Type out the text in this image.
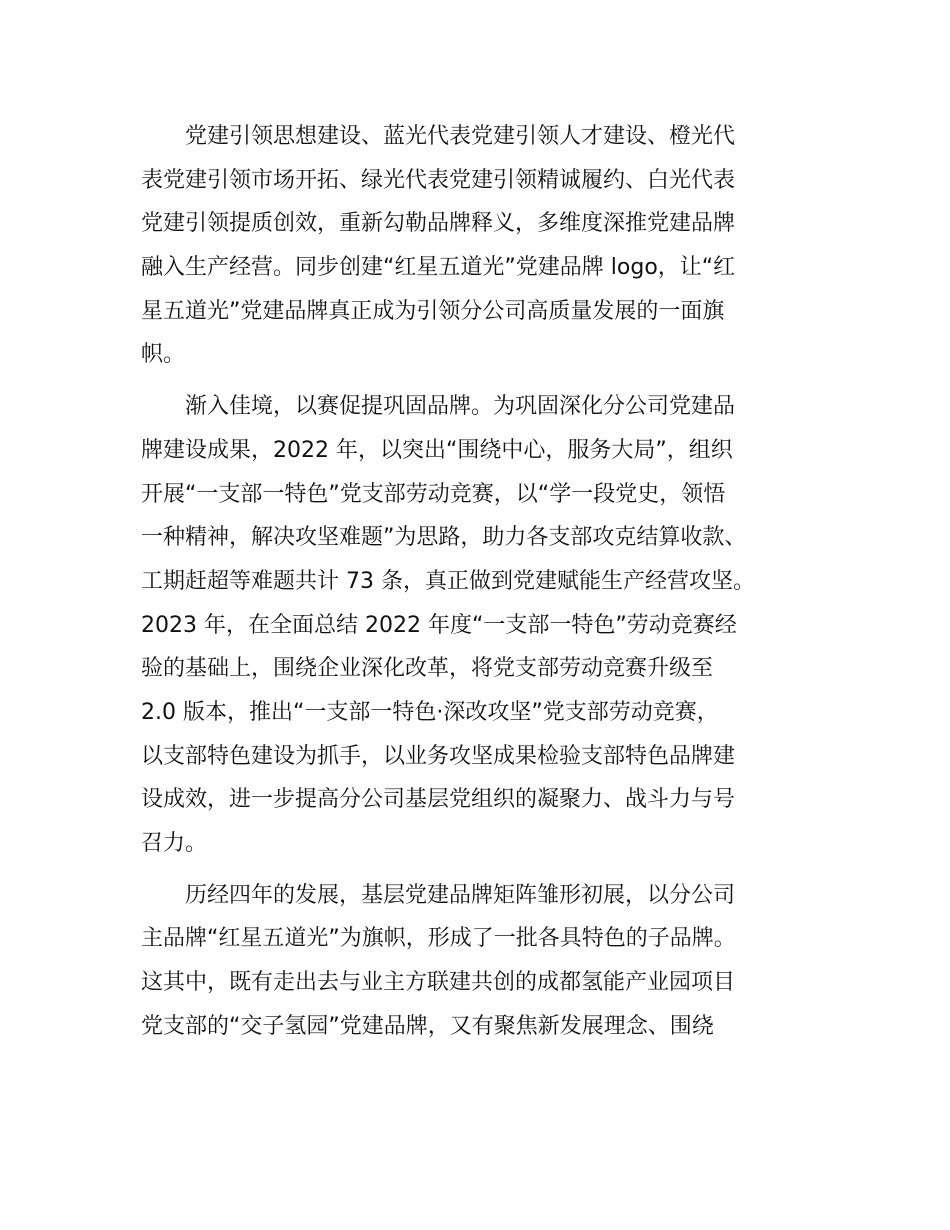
　　党建引领思想建设、蓝光代表党建引领人才建设、橙光代
表党建引领市场开拓、绿光代表党建引领精诚履约、白光代表
党建引领提质创效，重新勾勒品牌释义，多维度深推党建品牌
融入生产经营。同步创建“红星五道光”党建品牌 logo，让“红
星五道光”党建品牌真正成为引领分公司高质量发展的一面旗
帜。
　　渐入佳境，以赛促提巩固品牌。为巩固深化分公司党建品
牌建设成果，2022 年，以突出“围绕中心，服务大局”，组织
开展“一支部一特色”党支部劳动竞赛，以“学一段党史，领悟
一种精神，解决攻坚难题”为思路，助力各支部攻克结算收款、
工期赶超等难题共计 73 条，真正做到党建赋能生产经营攻坚。
2023 年，在全面总结 2022 年度“一支部一特色”劳动竞赛经
验的基础上，围绕企业深化改革，将党支部劳动竞赛升级至
2.0 版本，推出“一支部一特色·深改攻坚”党支部劳动竞赛，
以支部特色建设为抓手，以业务攻坚成果检验支部特色品牌建
设成效，进一步提高分公司基层党组织的凝聚力、战斗力与号
召力。
　　历经四年的发展，基层党建品牌矩阵雏形初展，以分公司
主品牌“红星五道光”为旗帜，形成了一批各具特色的子品牌。
这其中，既有走出去与业主方联建共创的成都氢能产业园项目
党支部的“交子氢园”党建品牌，又有聚焦新发展理念、围绕
